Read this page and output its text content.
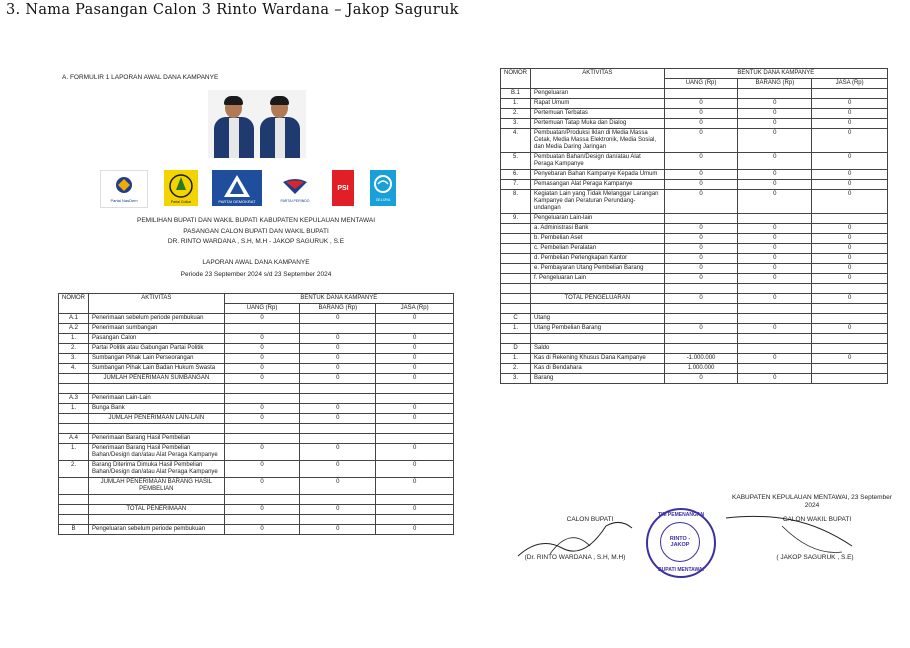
3. Nama Pasangan Calon 3 Rinto Wardana – Jakop Saguruk
A. FORMULIR 1 LAPORAN AWAL DANA KAMPANYE
Partai NasDem	Partai Golkar	PARTAI DEMOKRAT	PARTAI PERINDO
PSI
GELORA
PEMILIHAN BUPATI DAN WAKIL BUPATI KABUPATEN KEPULAUAN MENTAWAI
PASANGAN CALON BUPATI DAN WAKIL BUPATI
DR. RINTO WARDANA , S.H, M.H - JAKOP SAGURUK , S.E
LAPORAN AWAL DANA KAMPANYE
Periode 23 September 2024 s/d 23 September 2024
NOMOR	AKTIVITAS	BENTUK DANA KAMPANYE		
		UANG (Rp)	BARANG (Rp)	JASA (Rp)
A.1	Penerimaan sebelum periode pembukuan	0	0	0
A.2	Penerimaan sumbangan			
1.	Pasangan Calon	0	0	0
2.	Partai Politik atau Gabungan Partai Politik	0	0	0
3.	Sumbangan Pihak Lain Perseorangan	0	0	0
4.	Sumbangan Pihak Lain Badan Hukum Swasta	0	0	0
	JUMLAH PENERIMAAN SUMBANGAN	0	0	0

A.3	Penerimaan Lain-Lain			
1.	Bunga Bank	0	0	0
	JUMLAH PENERIMAAN LAIN-LAIN	0	0	0

A.4	Penerimaan Barang Hasil Pembelian			
1.	Penerimaan Barang Hasil Pembelian Bahan/Design dan/atau Alat Peraga Kampanye	0	0	0
2.	Barang Diterima Dimuka Hasil Pembelian Bahan/Design dan/atau Alat Peraga Kampanye	0	0	0
	JUMLAH PENERIMAAN BARANG HASIL PEMBELIAN	0	0	0

	TOTAL PENERIMAAN	0	0	0

B	Pengeluaran sebelum periode pembukuan	0	0	0
NOMOR	AKTIVITAS	BENTUK DANA KAMPANYE		
		UANG (Rp)	BARANG (Rp)	JASA (Rp)
B.1	Pengeluaran			
1.	Rapat Umum	0	0	0
2.	Pertemuan Terbatas	0	0	0
3.	Pertemuan Tatap Muka dan Dialog	0	0	0
4.	Pembuatan/Produksi Iklan di Media Massa Cetak, Media Massa Elektronik, Media Sosial, dan Media Daring Jaringan	0	0	0
5.	Pembuatan Bahan/Design dan/atau Alat Peraga Kampanye	0	0	0
6.	Penyebaran Bahan Kampanye Kepada Umum	0	0	0
7.	Pemasangan Alat Peraga Kampanye	0	0	0
8.	Kegiatan Lain yang Tidak Melanggar Larangan Kampanye dan Peraturan Perundang-undangan	0	0	0
9.	Pengeluaran Lain-lain			
	a. Administrasi Bank	0	0	0
	b. Pembelian Aset	0	0	0
	c. Pembelian Peralatan	0	0	0
	d. Pembelian Perlengkapan Kantor	0	0	0
	e. Pembayaran Utang Pembelian Barang	0	0	0
	f. Pengeluaran Lain	0	0	0

	TOTAL PENGELUARAN	0	0	0

C	Utang			
1.	Utang Pembelian Barang	0	0	0

D	Saldo			
1.	Kas di Rekening Khusus Dana Kampanye	-1.000.000	0	0
2.	Kas di Bendahara	1.000.000		
3.	Barang	0	0	
KABUPATEN KEPULAUAN MENTAWAI, 23 September 2024
CALON BUPATI	CALON WAKIL BUPATI
TIM PEMENANGAN
RINTO - JAKOP
BUPATI MENTAWAI
(Dr. RINTO WARDANA , S.H, M.H)	( JAKOP SAGURUK , S.E)
